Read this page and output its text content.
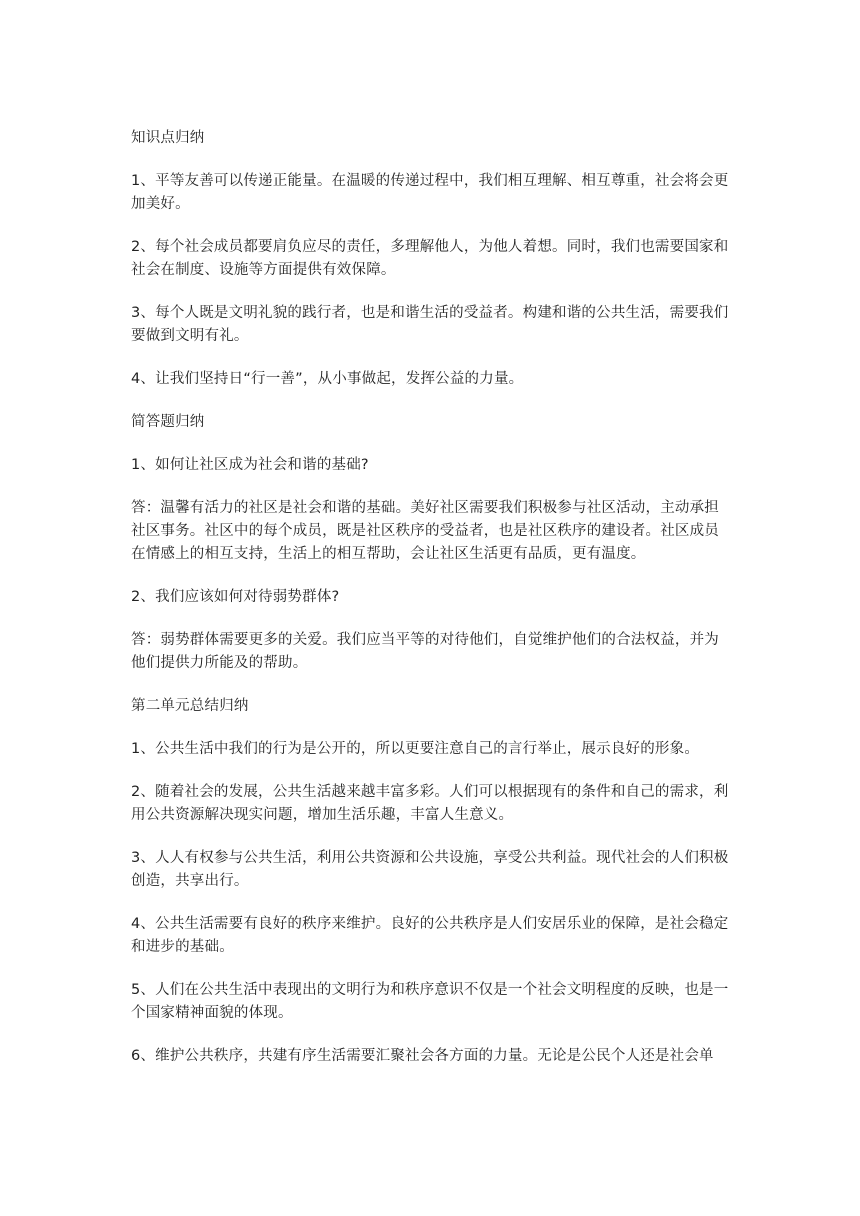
知识点归纳

1、平等友善可以传递正能量。在温暖的传递过程中，我们相互理解、相互尊重，社会将会更加美好。

2、每个社会成员都要肩负应尽的责任，多理解他人，为他人着想。同时，我们也需要国家和社会在制度、设施等方面提供有效保障。

3、每个人既是文明礼貌的践行者，也是和谐生活的受益者。构建和谐的公共生活，需要我们要做到文明有礼。

4、让我们坚持日“行一善”，从小事做起，发挥公益的力量。

简答题归纳

1、如何让社区成为社会和谐的基础?

答：温馨有活力的社区是社会和谐的基础。美好社区需要我们积极参与社区活动，主动承担社区事务。社区中的每个成员，既是社区秩序的受益者，也是社区秩序的建设者。社区成员在情感上的相互支持，生活上的相互帮助，会让社区生活更有品质，更有温度。

2、我们应该如何对待弱势群体?

答：弱势群体需要更多的关爱。我们应当平等的对待他们，自觉维护他们的合法权益，并为他们提供力所能及的帮助。

第二单元总结归纳

1、公共生活中我们的行为是公开的，所以更要注意自己的言行举止，展示良好的形象。

2、随着社会的发展，公共生活越来越丰富多彩。人们可以根据现有的条件和自己的需求，利用公共资源解决现实问题，增加生活乐趣，丰富人生意义。

3、人人有权参与公共生活，利用公共资源和公共设施，享受公共利益。现代社会的人们积极创造，共享出行。

4、公共生活需要有良好的秩序来维护。良好的公共秩序是人们安居乐业的保障，是社会稳定和进步的基础。

5、人们在公共生活中表现出的文明行为和秩序意识不仅是一个社会文明程度的反映，也是一个国家精神面貌的体现。

6、维护公共秩序，共建有序生活需要汇聚社会各方面的力量。无论是公民个人还是社会单
